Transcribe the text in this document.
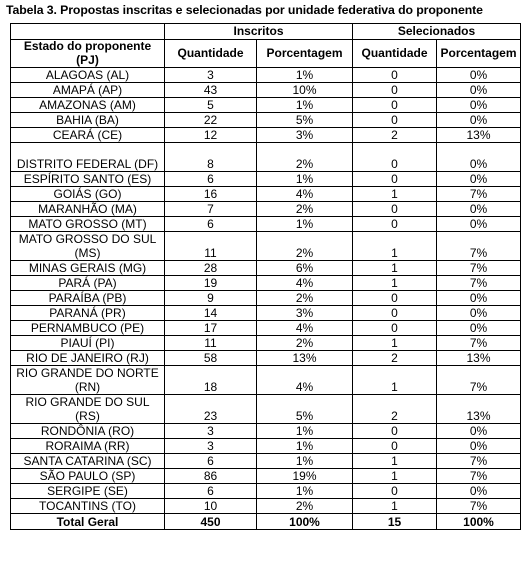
Tabela 3. Propostas inscritas e selecionadas por unidade federativa do proponente
	Inscritos		Selecionados	
Estado do proponente (PJ)	Quantidade	Porcentagem	Quantidade	Porcentagem
ALAGOAS (AL)	3	1%	0	0%
AMAPÁ (AP)	43	10%	0	0%
AMAZONAS (AM)	5	1%	0	0%
BAHIA (BA)	22	5%	0	0%
CEARÁ (CE)	12	3%	2	13%
DISTRITO FEDERAL (DF)	8	2%	0	0%
ESPÍRITO SANTO (ES)	6	1%	0	0%
GOIÁS (GO)	16	4%	1	7%
MARANHÃO (MA)	7	2%	0	0%
MATO GROSSO (MT)	6	1%	0	0%
MATO GROSSO DO SUL (MS)	11	2%	1	7%
MINAS GERAIS (MG)	28	6%	1	7%
PARÁ (PA)	19	4%	1	7%
PARAÍBA (PB)	9	2%	0	0%
PARANÁ (PR)	14	3%	0	0%
PERNAMBUCO (PE)	17	4%	0	0%
PIAUÍ (PI)	11	2%	1	7%
RIO DE JANEIRO (RJ)	58	13%	2	13%
RIO GRANDE DO NORTE (RN)	18	4%	1	7%
RIO GRANDE DO SUL (RS)	23	5%	2	13%
RONDÔNIA (RO)	3	1%	0	0%
RORAIMA (RR)	3	1%	0	0%
SANTA CATARINA (SC)	6	1%	1	7%
SÃO PAULO (SP)	86	19%	1	7%
SERGIPE (SE)	6	1%	0	0%
TOCANTINS (TO)	10	2%	1	7%
Total Geral	450	100%	15	100%
